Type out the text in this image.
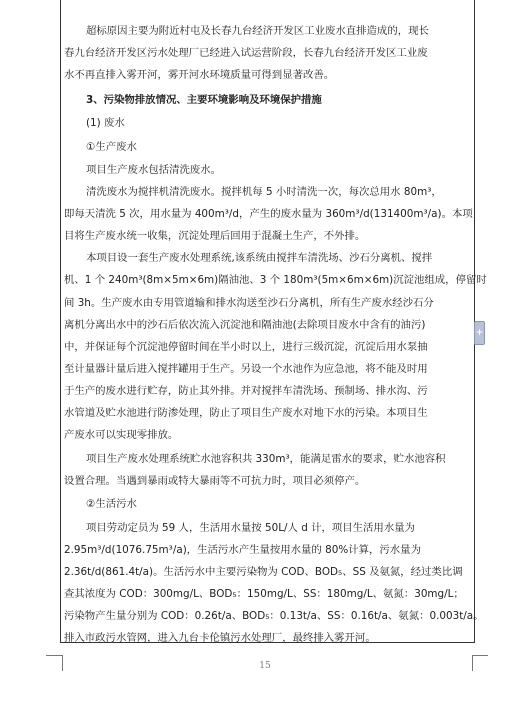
超标原因主要为附近村屯及长春九台经济开发区工业废水直排造成的，现长
春九台经济开发区污水处理厂已经进入试运营阶段，长春九台经济开发区工业废
水不再直排入雾开河，雾开河水环境质量可得到显著改善。
3、污染物排放情况、主要环境影响及环境保护措施
(1) 废水
①生产废水
项目生产废水包括清洗废水。
清洗废水为搅拌机清洗废水。搅拌机每 5 小时清洗一次，每次总用水 80m³，
即每天清洗 5 次，用水量为 400m³/d，产生的废水量为 360m³/d(131400m³/a)。本项
目将生产废水统一收集，沉淀处理后回用于混凝土生产，不外排。
本项目设一套生产废水处理系统,该系统由搅拌车清洗场、沙石分离机、搅拌
机、1 个 240m³(8m×5m×6m)隔油池、3 个 180m³(5m×6m×6m)沉淀池组成，停留时
间 3h。生产废水由专用管道输和排水沟送至沙石分离机，所有生产废水经沙石分
离机分离出水中的沙石后依次流入沉淀池和隔油池(去除项目废水中含有的油污)
中，并保证每个沉淀池停留时间在半小时以上，进行三级沉淀，沉淀后用水泵抽
至计量器计量后进入搅拌罐用于生产。另设一个水池作为应急池，将不能及时用
于生产的废水进行贮存，防止其外排。并对搅拌车清洗场、预制场、排水沟、污
水管道及贮水池进行防渗处理，防止了项目生产废水对地下水的污染。本项目生
产废水可以实现零排放。
项目生产废水处理系统贮水池容积共 330m³，能满足雷水的要求，贮水池容积
设置合理。当遇到暴雨或特大暴雨等不可抗力时，项目必须停产。
②生活污水
项目劳动定员为 59 人，生活用水量按 50L/人 d 计，项目生活用水量为
2.95m³/d(1076.75m³/a)，生活污水产生量按用水量的 80%计算，污水量为
2.36t/d(861.4t/a)。生活污水中主要污染物为 COD、BOD₅、SS 及氨氮，经过类比调
查其浓度为 COD：300mg/L、BOD₅：150mg/L、SS：180mg/L、氨氮：30mg/L；
污染物产生量分别为 COD：0.26t/a、BOD₅：0.13t/a、SS：0.16t/a、氨氮：0.003t/a。
排入市政污水管网，进入九台卡伦镇污水处理厂，最终排入雾开河。
15
+
